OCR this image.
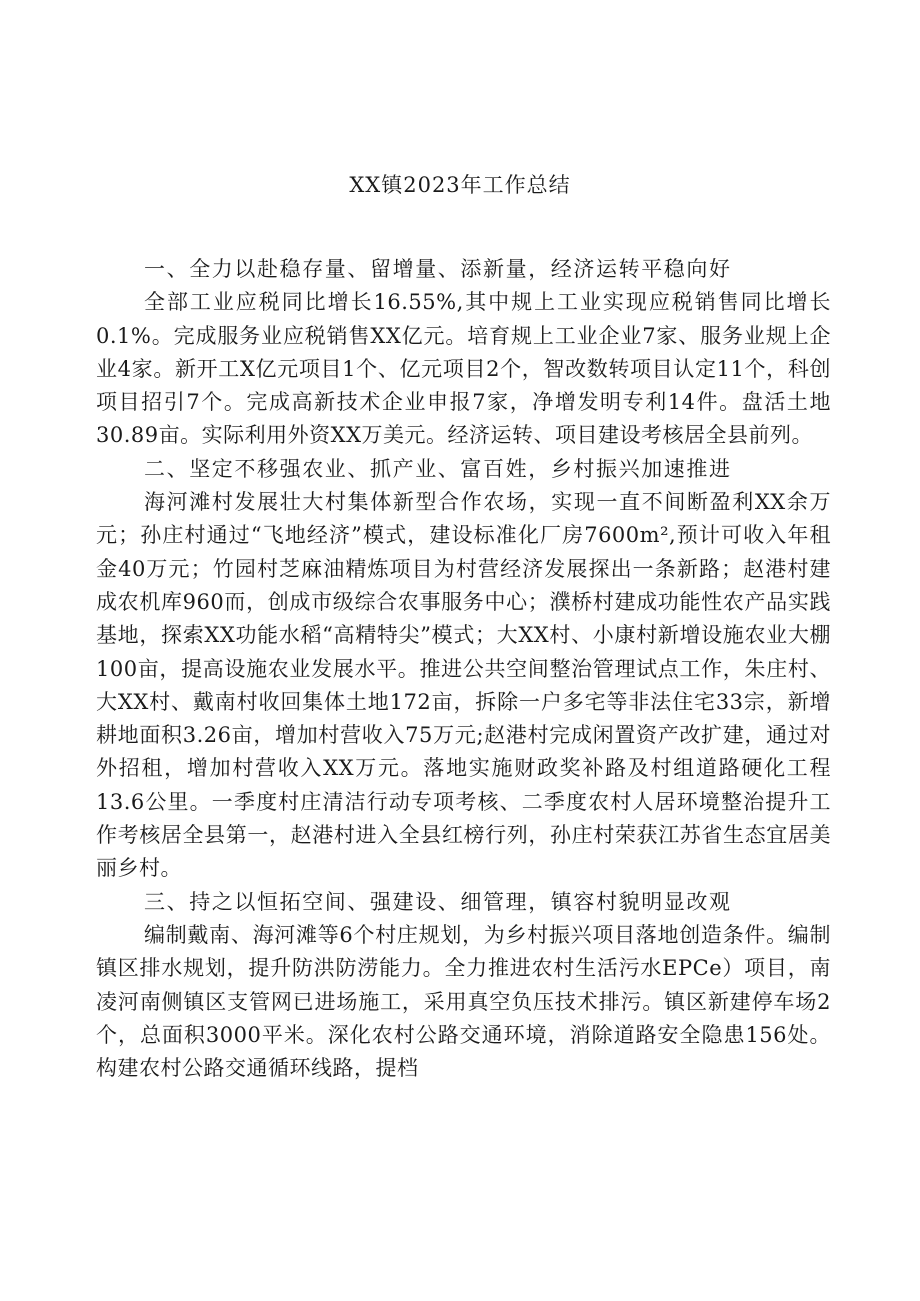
XX镇2023年工作总结

一、全力以赴稳存量、留增量、添新量，经济运转平稳向好

全部工业应税同比增长16.55%,其中规上工业实现应税销售同比增长0.1%。完成服务业应税销售XX亿元。培育规上工业企业7家、服务业规上企业4家。新开工X亿元项目1个、亿元项目2个，智改数转项目认定11个，科创项目招引7个。完成高新技术企业申报7家，净增发明专利14件。盘活土地30.89亩。实际利用外资XX万美元。经济运转、项目建设考核居全县前列。

二、坚定不移强农业、抓产业、富百姓，乡村振兴加速推进

海河滩村发展壮大村集体新型合作农场，实现一直不间断盈利XX余万元；孙庄村通过“飞地经济”模式，建设标准化厂房7600m²,预计可收入年租金40万元；竹园村芝麻油精炼项目为村营经济发展探出一条新路；赵港村建成农机库960而，创成市级综合农事服务中心；濮桥村建成功能性农产品实践基地，探索XX功能水稻“高精特尖”模式；大XX村、小康村新增设施农业大棚100亩，提高设施农业发展水平。推进公共空间整治管理试点工作，朱庄村、大XX村、戴南村收回集体土地172亩，拆除一户多宅等非法住宅33宗，新增耕地面积3.26亩，增加村营收入75万元;赵港村完成闲置资产改扩建，通过对外招租，增加村营收入XX万元。落地实施财政奖补路及村组道路硬化工程13.6公里。一季度村庄清洁行动专项考核、二季度农村人居环境整治提升工作考核居全县第一，赵港村进入全县红榜行列，孙庄村荣获江苏省生态宜居美丽乡村。

三、持之以恒拓空间、强建设、细管理，镇容村貌明显改观

编制戴南、海河滩等6个村庄规划，为乡村振兴项目落地创造条件。编制镇区排水规划，提升防洪防涝能力。全力推进农村生活污水EPCe）项目，南凌河南侧镇区支管网已进场施工，采用真空负压技术排污。镇区新建停车场2个，总面积3000平米。深化农村公路交通环境，消除道路安全隐患156处。构建农村公路交通循环线路，提档
